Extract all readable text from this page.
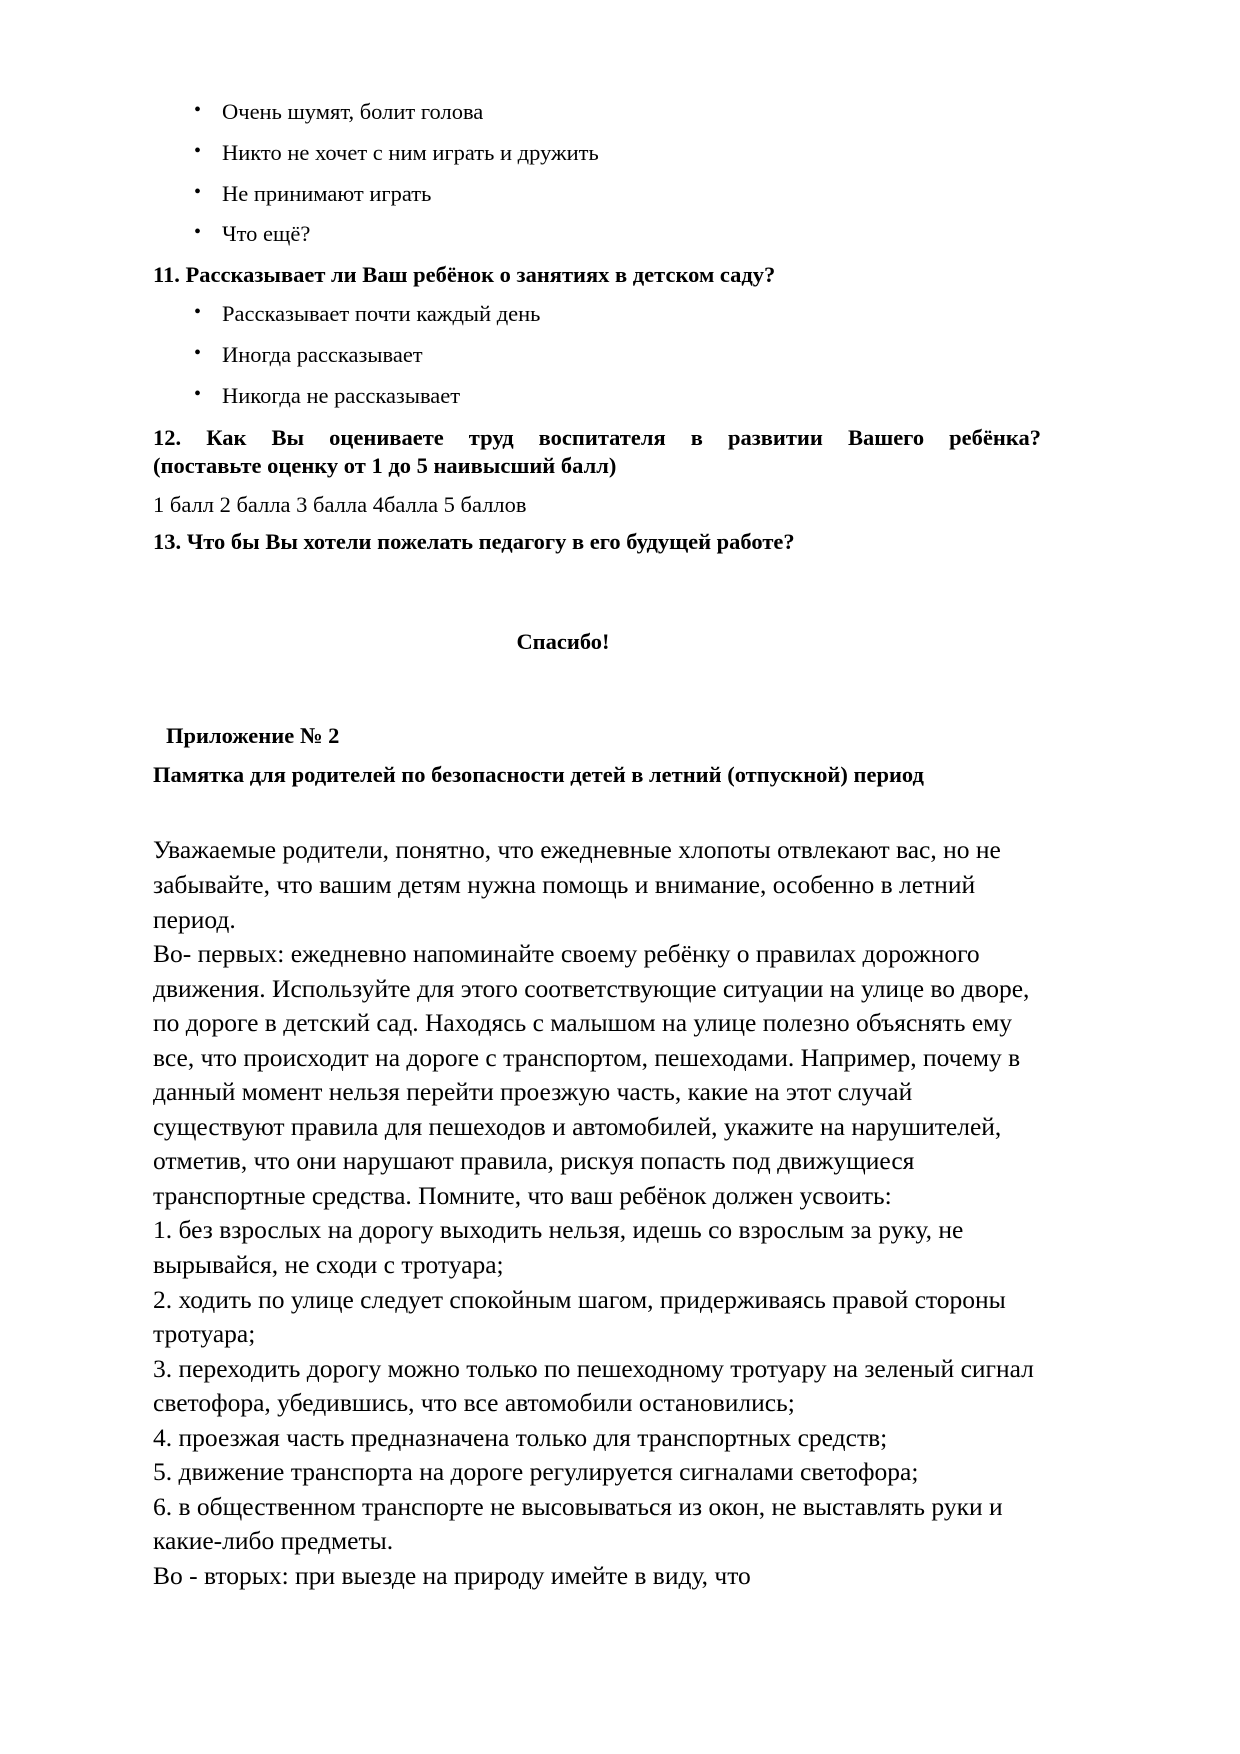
• Очень шумят, болит голова
• Никто не хочет с ним играть и дружить
• Не принимают играть
• Что ещё?
11. Рассказывает ли Ваш ребёнок о занятиях в детском саду?
• Рассказывает почти каждый день
• Иногда рассказывает
• Никогда не рассказывает
12. Как Вы оцениваете труд воспитателя в развитии Вашего ребёнка?
(поставьте оценку от 1 до 5 наивысший балл)
1 балл 2 балла 3 балла 4балла 5 баллов
13. Что бы Вы хотели пожелать педагогу в его будущей работе?
Спасибо!
Приложение № 2
Памятка для родителей по безопасности детей в летний (отпускной) период

Уважаемые родители, понятно, что ежедневные хлопоты отвлекают вас, но не забывайте, что вашим детям нужна помощь и внимание, особенно в летний период.

Во- первых: ежедневно напоминайте своему ребёнку о правилах дорожного движения. Используйте для этого соответствующие ситуации на улице во дворе, по дороге в детский сад. Находясь с малышом на улице полезно объяснять ему все, что происходит на дороге с транспортом, пешеходами. Например, почему в данный момент нельзя перейти проезжую часть, какие на этот случай существуют правила для пешеходов и автомобилей, укажите на нарушителей, отметив, что они нарушают правила, рискуя попасть под движущиеся транспортные средства. Помните, что ваш ребёнок должен усвоить:

1. без взрослых на дорогу выходить нельзя, идешь со взрослым за руку, не вырывайся, не сходи с тротуара;

2. ходить по улице следует спокойным шагом, придерживаясь правой стороны тротуара;

3. переходить дорогу можно только по пешеходному тротуару на зеленый сигнал светофора, убедившись, что все автомобили остановились;

4. проезжая часть предназначена только для транспортных средств;

5. движение транспорта на дороге регулируется сигналами светофора;

6. в общественном транспорте не высовываться из окон, не выставлять руки и какие-либо предметы.

Во - вторых: при выезде на природу имейте в виду, что
